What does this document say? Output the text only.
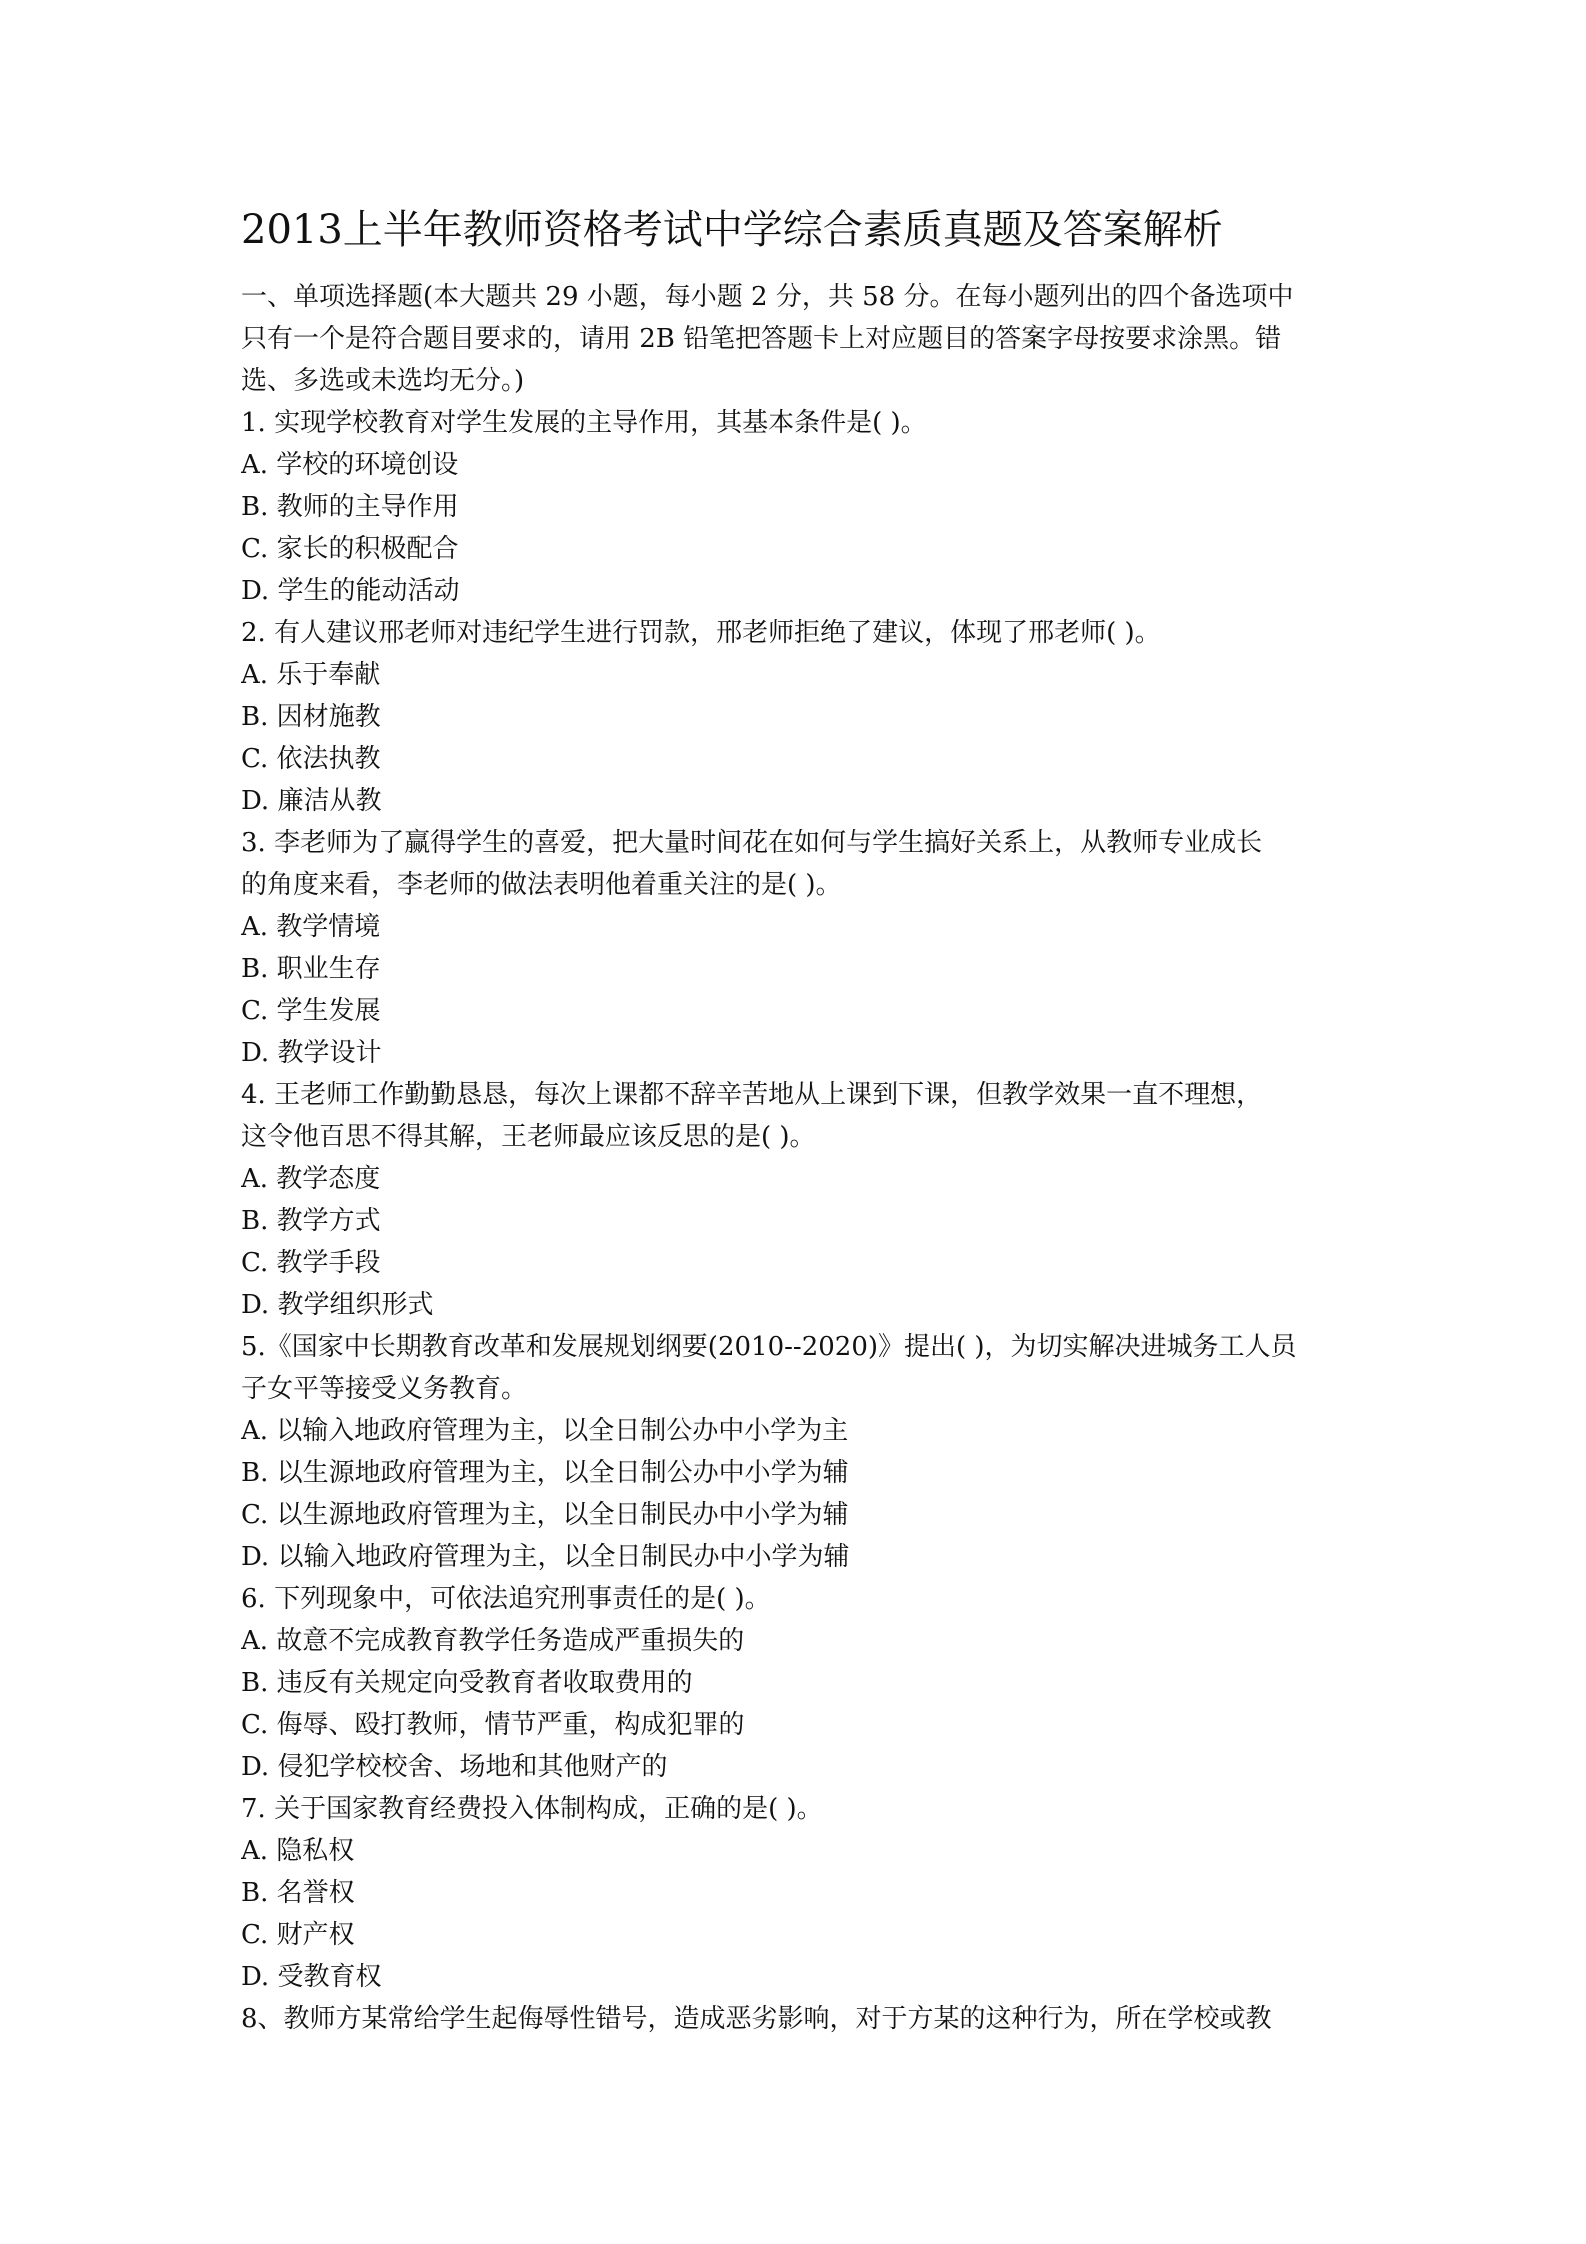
2013上半年教师资格考试中学综合素质真题及答案解析
一、单项选择题(本大题共 29 小题，每小题 2 分，共 58 分。在每小题列出的四个备选项中
只有一个是符合题目要求的，请用 2B 铅笔把答题卡上对应题目的答案字母按要求涂黑。错
选、多选或未选均无分。)
1. 实现学校教育对学生发展的主导作用，其基本条件是( )。
A. 学校的环境创设
B. 教师的主导作用
C. 家长的积极配合
D. 学生的能动活动
2. 有人建议邢老师对违纪学生进行罚款，邢老师拒绝了建议，体现了邢老师( )。
A. 乐于奉献
B. 因材施教
C. 依法执教
D. 廉洁从教
3. 李老师为了赢得学生的喜爱，把大量时间花在如何与学生搞好关系上，从教师专业成长
的角度来看，李老师的做法表明他着重关注的是( )。
A. 教学情境
B. 职业生存
C. 学生发展
D. 教学设计
4. 王老师工作勤勤恳恳，每次上课都不辞辛苦地从上课到下课，但教学效果一直不理想，
这令他百思不得其解，王老师最应该反思的是( )。
A. 教学态度
B. 教学方式
C. 教学手段
D. 教学组织形式
5.《国家中长期教育改革和发展规划纲要(2010--2020)》提出( )，为切实解决进城务工人员
子女平等接受义务教育。
A. 以输入地政府管理为主，以全日制公办中小学为主
B. 以生源地政府管理为主，以全日制公办中小学为辅
C. 以生源地政府管理为主，以全日制民办中小学为辅
D. 以输入地政府管理为主，以全日制民办中小学为辅
6. 下列现象中，可依法追究刑事责任的是( )。
A. 故意不完成教育教学任务造成严重损失的
B. 违反有关规定向受教育者收取费用的
C. 侮辱、殴打教师，情节严重，构成犯罪的
D. 侵犯学校校舍、场地和其他财产的
7. 关于国家教育经费投入体制构成，正确的是( )。
A. 隐私权
B. 名誉权
C. 财产权
D. 受教育权
8、教师方某常给学生起侮辱性错号，造成恶劣影响，对于方某的这种行为，所在学校或教
